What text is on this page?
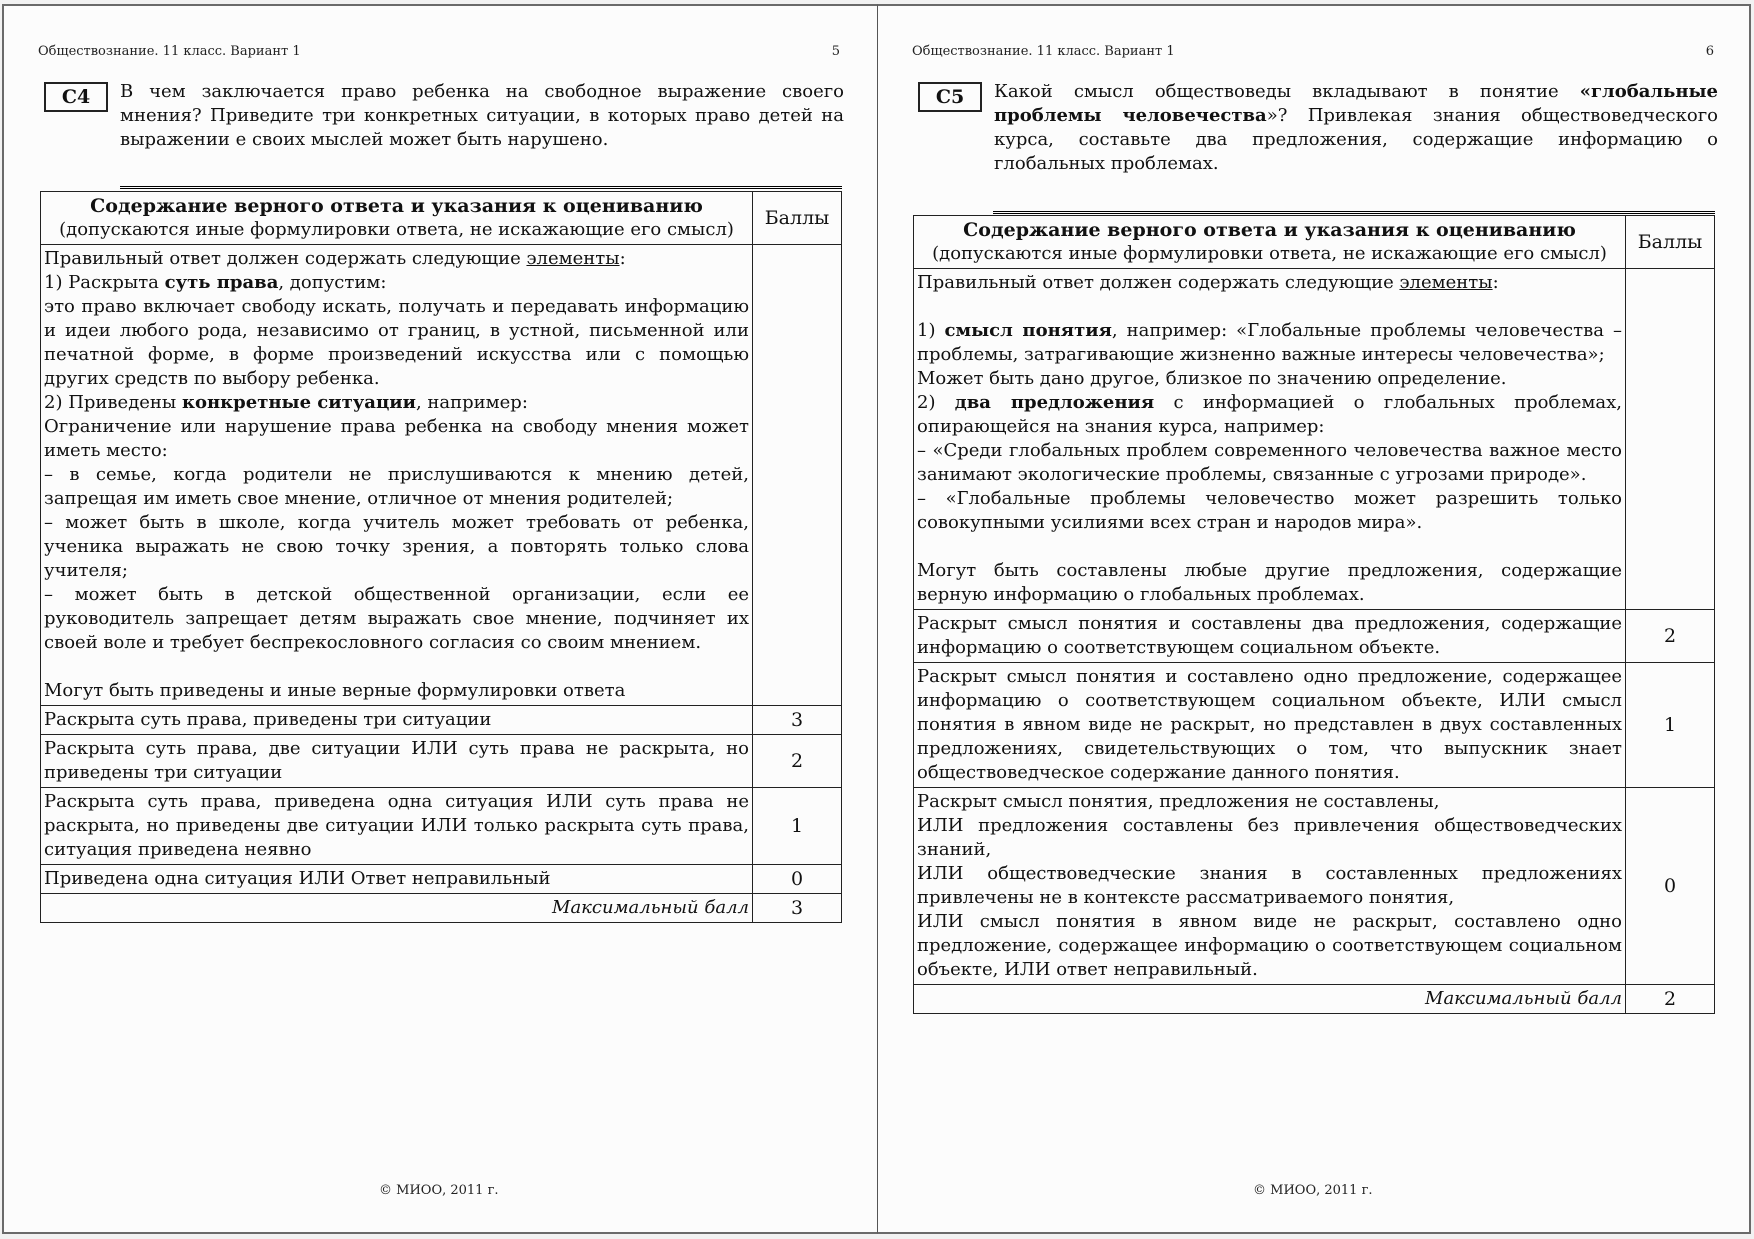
Обществознание. 11 класс. Вариант 1	5
C4	В чем заключается право ребенка на свободное выражение своего мнения? Приведите три конкретных ситуации, в которых право детей на выражении е своих мыслей может быть нарушено.
Содержание верного ответа и указания к оцениванию
(допускаются иные формулировки ответа, не искажающие его смысл)	Баллы

Правильный ответ должен содержать следующие элементы:

1) Раскрыта суть права, допустим:

это право включает свободу искать, получать и передавать информацию и идеи любого рода, независимо от границ, в устной, письменной или печатной форме, в форме произведений искусства или с помощью других средств по выбору ребенка.

2) Приведены конкретные ситуации, например:

Ограничение или нарушение права ребенка на свободу мнения может иметь место:

– в семье, когда родители не прислушиваются к мнению детей, запрещая им иметь свое мнение, отличное от мнения родителей;

– может быть в школе, когда учитель может требовать от ребенка, ученика выражать не свою точку зрения, а повторять только слова учителя;

– может быть в детской общественной организации, если ее руководитель запрещает детям выражать свое мнение, подчиняет их своей воле и требует беспрекословного согласия со своим мнением.

Могут быть приведены и иные верные формулировки ответа

Раскрыта суть права, приведены три ситуации	3

Раскрыта суть права, две ситуации ИЛИ суть права не раскрыта, но приведены три ситуации	2

Раскрыта суть права, приведена одна ситуация ИЛИ суть права не раскрыта, но приведены две ситуации ИЛИ только раскрыта суть права, ситуация приведена неявно	1

Приведена одна ситуация ИЛИ Ответ неправильный	0
Максимальный балл	3
© МИОО, 2011 г.
Обществознание. 11 класс. Вариант 1	6
C5	Какой смысл обществоведы вкладывают в понятие «глобальные проблемы человечества»? Привлекая знания обществоведческого курса, составьте два предложения, содержащие информацию о глобальных проблемах.
Содержание верного ответа и указания к оцениванию
(допускаются иные формулировки ответа, не искажающие его смысл)	Баллы

Правильный ответ должен содержать следующие элементы:

1) смысл понятия, например: «Глобальные проблемы человечества – проблемы, затрагивающие жизненно важные интересы человечества»;

Может быть дано другое, близкое по значению определение.

2) два предложения с информацией о глобальных проблемах, опирающейся на знания курса, например:

– «Среди глобальных проблем современного человечества важное место занимают экологические проблемы, связанные с угрозами природе».

– «Глобальные проблемы человечество может разрешить только совокупными усилиями всех стран и народов мира».

Могут быть составлены любые другие предложения, содержащие верную информацию о глобальных проблемах.

Раскрыт смысл понятия и составлены два предложения, содержащие информацию о соответствующем социальном объекте.	2

Раскрыт смысл понятия и составлено одно предложение, содержащее информацию о соответствующем социальном объекте, ИЛИ смысл понятия в явном виде не раскрыт, но представлен в двух составленных предложениях, свидетельствующих о том, что выпускник знает обществоведческое содержание данного понятия.	1

Раскрыт смысл понятия, предложения не составлены,

ИЛИ предложения составлены без привлечения обществоведческих знаний,

ИЛИ обществоведческие знания в составленных предложениях привлечены не в контексте рассматриваемого понятия,

ИЛИ смысл понятия в явном виде не раскрыт, составлено одно предложение, содержащее информацию о соответствующем социальном объекте, ИЛИ ответ неправильный.	0
Максимальный балл	2
© МИОО, 2011 г.
